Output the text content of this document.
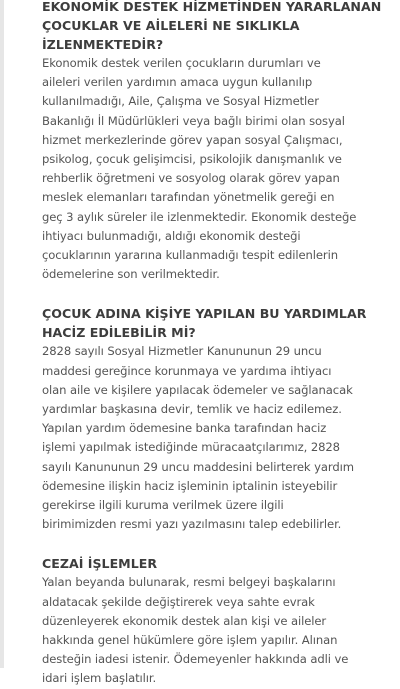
EKONOMİK DESTEK HİZMETİNDEN YARARLANAN ÇOCUKLAR VE AİLELERİ NE SIKLIKLA İZLENMEKTEDİR?

Ekonomik destek verilen çocukların durumları ve
aileleri verilen yardımın amaca uygun kullanılıp
kullanılmadığı, Aile, Çalışma ve Sosyal Hizmetler
Bakanlığı İl Müdürlükleri veya bağlı birimi olan sosyal
hizmet merkezlerinde görev yapan sosyal Çalışmacı,
psikolog, çocuk gelişimcisi, psikolojik danışmanlık ve
rehberlik öğretmeni ve sosyolog olarak görev yapan
meslek elemanları tarafından yönetmelik gereği en
geç 3 aylık süreler ile izlenmektedir. Ekonomik desteğe
ihtiyacı bulunmadığı, aldığı ekonomik desteği
çocuklarının yararına kullanmadığı tespit edilenlerin
ödemelerine son verilmektedir.

ÇOCUK ADINA KİŞİYE YAPILAN BU YARDIMLAR HACİZ EDİLEBİLİR Mİ?

2828 sayılı Sosyal Hizmetler Kanununun 29 uncu
maddesi gereğince korunmaya ve yardıma ihtiyacı
olan aile ve kişilere yapılacak ödemeler ve sağlanacak
yardımlar başkasına devir, temlik ve haciz edilemez.

Yapılan yardım ödemesine banka tarafından haciz
işlemi yapılmak istediğinde müracaatçılarımız, 2828
sayılı Kanununun 29 uncu maddesini belirterek yardım
ödemesine ilişkin haciz işleminin iptalinin isteyebilir
gerekirse ilgili kuruma verilmek üzere ilgili
birimimizden resmi yazı yazılmasını talep edebilirler.

CEZAİ İŞLEMLER

Yalan beyanda bulunarak, resmi belgeyi başkalarını
aldatacak şekilde değiştirerek veya sahte evrak
düzenleyerek ekonomik destek alan kişi ve aileler
hakkında genel hükümlere göre işlem yapılır. Alınan
desteğin iadesi istenir. Ödemeyenler hakkında adli ve
idari işlem başlatılır.
